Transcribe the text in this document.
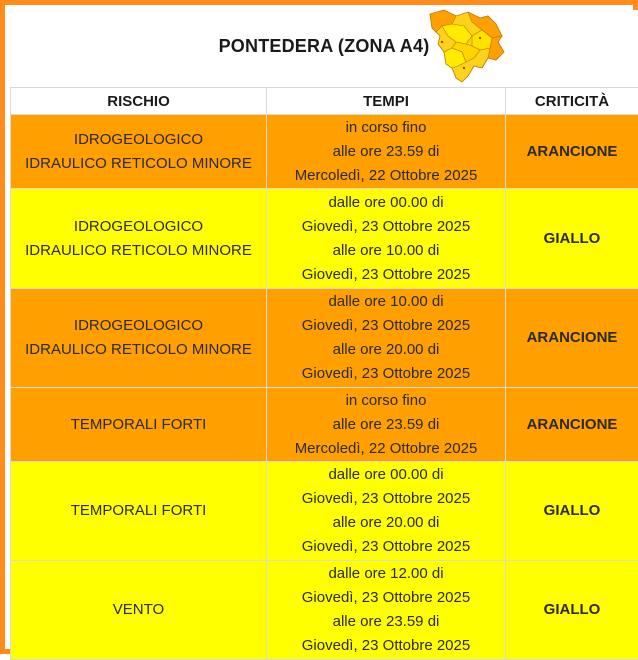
PONTEDERA (ZONA A4)
RISCHIO	TEMPI	CRITICITÀ

IDROGEOLOGICO
IDRAULICO RETICOLO MINORE	in corso fino
alle ore 23.59 di
Mercoledì, 22 Ottobre 2025	ARANCIONE

IDROGEOLOGICO
IDRAULICO RETICOLO MINORE	dalle ore 00.00 di
Giovedì, 23 Ottobre 2025
alle ore 10.00 di
Giovedì, 23 Ottobre 2025	GIALLO

IDROGEOLOGICO
IDRAULICO RETICOLO MINORE	dalle ore 10.00 di
Giovedì, 23 Ottobre 2025
alle ore 20.00 di
Giovedì, 23 Ottobre 2025	ARANCIONE

TEMPORALI FORTI	in corso fino
alle ore 23.59 di
Mercoledì, 22 Ottobre 2025	ARANCIONE

TEMPORALI FORTI	dalle ore 00.00 di
Giovedì, 23 Ottobre 2025
alle ore 20.00 di
Giovedì, 23 Ottobre 2025	GIALLO

VENTO	dalle ore 12.00 di
Giovedì, 23 Ottobre 2025
alle ore 23.59 di
Giovedì, 23 Ottobre 2025	GIALLO
